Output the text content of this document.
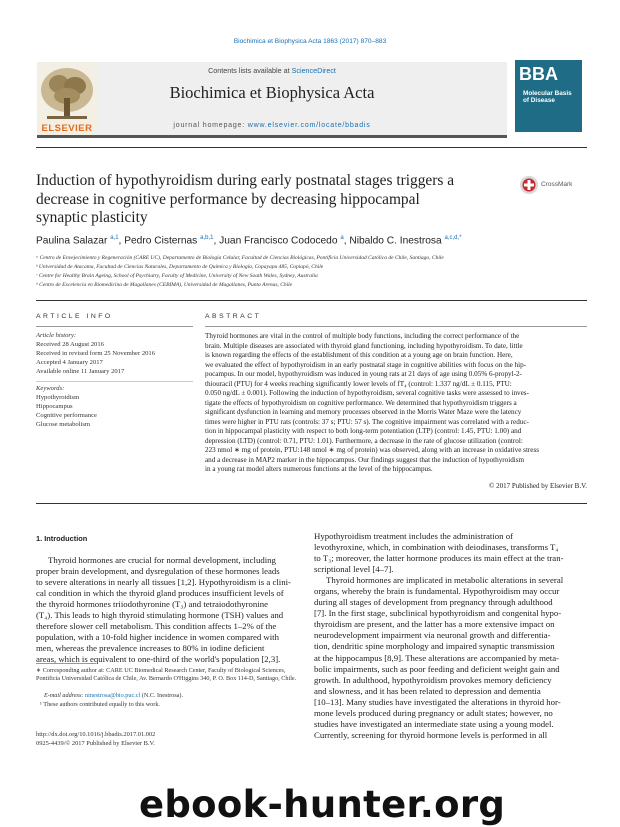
Biochimica et Biophysica Acta 1863 (2017) 870–883
Contents lists available at ScienceDirect
Biochimica et Biophysica Acta
journal homepage: www.elsevier.com/locate/bbadis
ELSEVIER
BBA
Molecular Basis of Disease
Induction of hypothyroidism during early postnatal stages triggers a
decrease in cognitive performance by decreasing hippocampal
synaptic plasticity
CrossMark
Paulina Salazar $^{a,1}$, Pedro Cisternas $^{a,b,1}$, Juan Francisco Codocedo $^a$, Nibaldo C. Inestrosa $^{a,c,d,*}$
ᵃ Centro de Envejecimiento y Regeneración (CARE UC), Departamento de Biología Celular, Facultad de Ciencias Biológicas, Pontificia Universidad Católica de Chile, Santiago, Chile
ᵇ Universidad de Atacama, Facultad de Ciencias Naturales, Departamento de Química y Biología, Copayapu 485, Copiapó, Chile
ᶜ Centre for Healthy Brain Ageing, School of Psychiatry, Faculty of Medicine, University of New South Wales, Sydney, Australia
ᵈ Centro de Excelencia en Biomedicina de Magallanes (CEBIMA), Universidad de Magallanes, Punta Arenas, Chile
ARTICLE INFO
Article history:
Received 28 August 2016
Received in revised form 25 November 2016
Accepted 4 January 2017
Available online 11 January 2017
Keywords:
Hypothyroidism
Hippocampus
Cognitive performance
Glucose metabolism
ABSTRACT
Thyroid hormones are vital in the control of multiple body functions, including the correct performance of the
brain. Multiple diseases are associated with thyroid gland functioning, including hypothyroidism. To date, little
is known regarding the effects of the establishment of this condition at a young age on brain function. Here,
we evaluated the effect of hypothyroidism in an early postnatal stage in cognitive abilities with focus on the hip-
pocampus. In our model, hypothyroidism was induced in young rats at 21 days of age using 0.05% 6-propyl-2-
thiouracil (PTU) for 4 weeks reaching significantly lower levels of fT₄ (control: 1.337 ng/dL ± 0.115, PTU:
0.050 ng/dL ± 0.001). Following the induction of hypothyroidism, several cognitive tasks were assessed to inves-
tigate the effects of hypothyroidism on cognitive performance. We determined that hypothyroidism triggers a
significant dysfunction in learning and memory processes observed in the Morris Water Maze were the latency
times were higher in PTU rats (controls: 37 s; PTU: 57 s). The cognitive impairment was correlated with a reduc-
tion in hippocampal plasticity with respect to both long-term potentiation (LTP) (control: 1.45, PTU: 1.00) and
depression (LTD) (control: 0.71, PTU: 1.01). Furthermore, a decrease in the rate of glucose utilization (control:
223 nmol ∗ mg of protein, PTU:148 nmol ∗ mg of protein) was observed, along with an increase in oxidative stress
and a decrease in MAP2 marker in the hippocampus. Our findings suggest that the induction of hypothyroidism
in a young rat model alters numerous functions at the level of the hippocampus.
© 2017 Published by Elsevier B.V.
1. Introduction
Thyroid hormones are crucial for normal development, including
proper brain development, and dysregulation of these hormones leads
to severe alterations in nearly all tissues [1,2]. Hypothyroidism is a clini-
cal condition in which the thyroid gland produces insufficient levels of
the thyroid hormones triiodothyronine (T₃) and tetraiodothyronine
(T₄). This leads to high thyroid stimulating hormone (TSH) values and
therefore slower cell metabolism. This condition affects 1–2% of the
population, with a 10-fold higher incidence in women compared with
men, whereas the prevalence increases to 80% in iodine deficient
areas, which is equivalent to one-third of the world's population [2,3].
Hypothyroidism treatment includes the administration of
levothyroxine, which, in combination with deiodinases, transforms T₄
to T₃; moreover, the latter hormone produces its main effect at the tran-
scriptional level [4–7].
Thyroid hormones are implicated in metabolic alterations in several
organs, whereby the brain is fundamental. Hypothyroidism may occur
during all stages of development from pregnancy through adulthood
[7]. In the first stage, subclinical hypothyroidism and congenital hypo-
thyroidism are present, and the latter has a more extensive impact on
neurodevelopment impairment via neuronal growth and differentia-
tion, dendritic spine morphology and impaired synaptic transmission
at the hippocampus [8,9]. These alterations are accompanied by meta-
bolic impairments, such as poor feeding and deficient weight gain and
growth. In adulthood, hypothyroidism provokes memory deficiency
and slowness, and it has been related to depression and dementia
[10–13]. Many studies have investigated the alterations in thyroid hor-
mone levels produced during pregnancy or adult states; however, no
studies have investigated an intermediate state using a young model.
Currently, screening for thyroid hormone levels is performed in all
∗ Corresponding author at: CARE UC Biomedical Research Center, Faculty of Biological Sciences, Pontificia Universidad Católica de Chile, Av. Bernardo O'Higgins 340, P. O. Box 114-D, Santiago, Chile.
E-mail address: ninestrosa@bio.puc.cl (N.C. Inestrosa).
¹ These authors contributed equally to this work.
http://dx.doi.org/10.1016/j.bbadis.2017.01.002
0925-4439/© 2017 Published by Elsevier B.V.
ebook-hunter.org
